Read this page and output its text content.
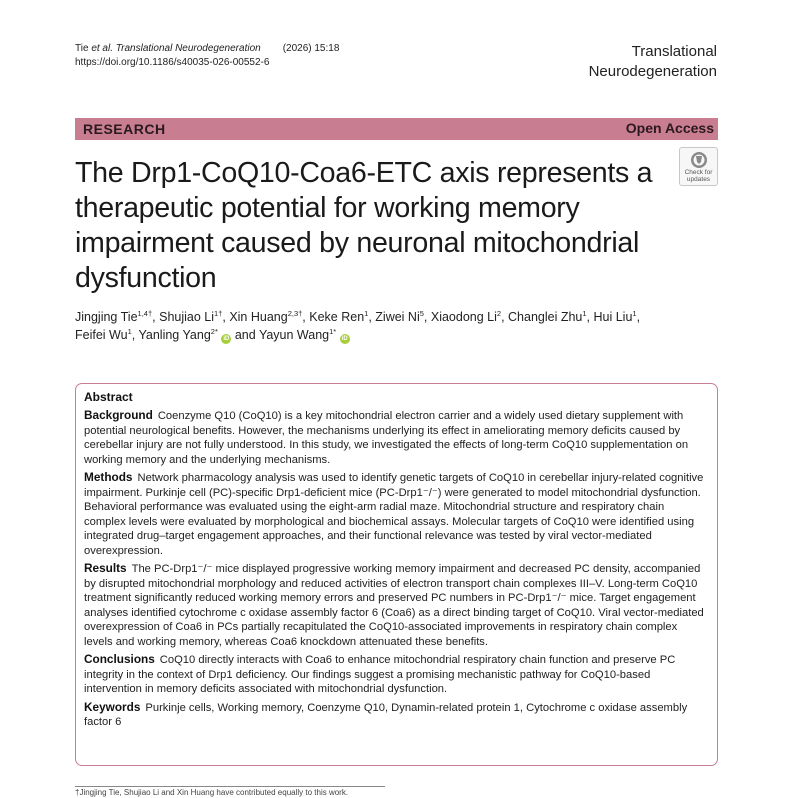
Tie et al. Translational Neurodegeneration (2026) 15:18
https://doi.org/10.1186/s40035-026-00552-6
Translational
Neurodegeneration
RESEARCH	Open Access
The Drp1-CoQ10-Coa6-ETC axis represents a therapeutic potential for working memory impairment caused by neuronal mitochondrial dysfunction
Check for
updates
Jingjing Tie$^{1,4\dagger}$, Shujiao $Li^{1\dagger}$, Xin Huang$^{2,3\dagger}$, Keke Ren$^1$, Ziwei Ni$^5$, Xiaodong Li$^2$, Changlei Zhu$^1$, Hui Liu$^1$,
Feifei Wu$^1$, Yanling Yang$^{2*}$ iD and Yayun Wang$^{1*}$ iD
Abstract

Background Coenzyme Q10 (CoQ10) is a key mitochondrial electron carrier and a widely used dietary supplement with potential neurological benefits. However, the mechanisms underlying its effect in ameliorating memory deficits caused by cerebellar injury are not fully understood. In this study, we investigated the effects of long-term CoQ10 supplementation on working memory and the underlying mechanisms.

Methods Network pharmacology analysis was used to identify genetic targets of CoQ10 in cerebellar injury-related cognitive impairment. Purkinje cell (PC)-specific Drp1-deficient mice (PC-Drp1⁻/⁻) were generated to model mitochondrial dysfunction. Behavioral performance was evaluated using the eight-arm radial maze. Mitochondrial structure and respiratory chain complex levels were evaluated by morphological and biochemical assays. Molecular targets of CoQ10 were identified using integrated drug–target engagement approaches, and their functional relevance was tested by viral vector-mediated overexpression.

Results The PC-Drp1⁻/⁻ mice displayed progressive working memory impairment and decreased PC density, accompanied by disrupted mitochondrial morphology and reduced activities of electron transport chain complexes III–V. Long-term CoQ10 treatment significantly reduced working memory errors and preserved PC numbers in PC-Drp1⁻/⁻ mice. Target engagement analyses identified cytochrome c oxidase assembly factor 6 (Coa6) as a direct binding target of CoQ10. Viral vector-mediated overexpression of Coa6 in PCs partially recapitulated the CoQ10-associated improvements in respiratory chain complex levels and working memory, whereas Coa6 knockdown attenuated these benefits.

Conclusions CoQ10 directly interacts with Coa6 to enhance mitochondrial respiratory chain function and preserve PC integrity in the context of Drp1 deficiency. Our findings suggest a promising mechanistic pathway for CoQ10-based intervention in memory deficits associated with mitochondrial dysfunction.

Keywords Purkinje cells, Working memory, Coenzyme Q10, Dynamin-related protein 1, Cytochrome c oxidase assembly factor 6

†Jingjing Tie, Shujiao Li and Xin Huang have contributed equally to this work.
